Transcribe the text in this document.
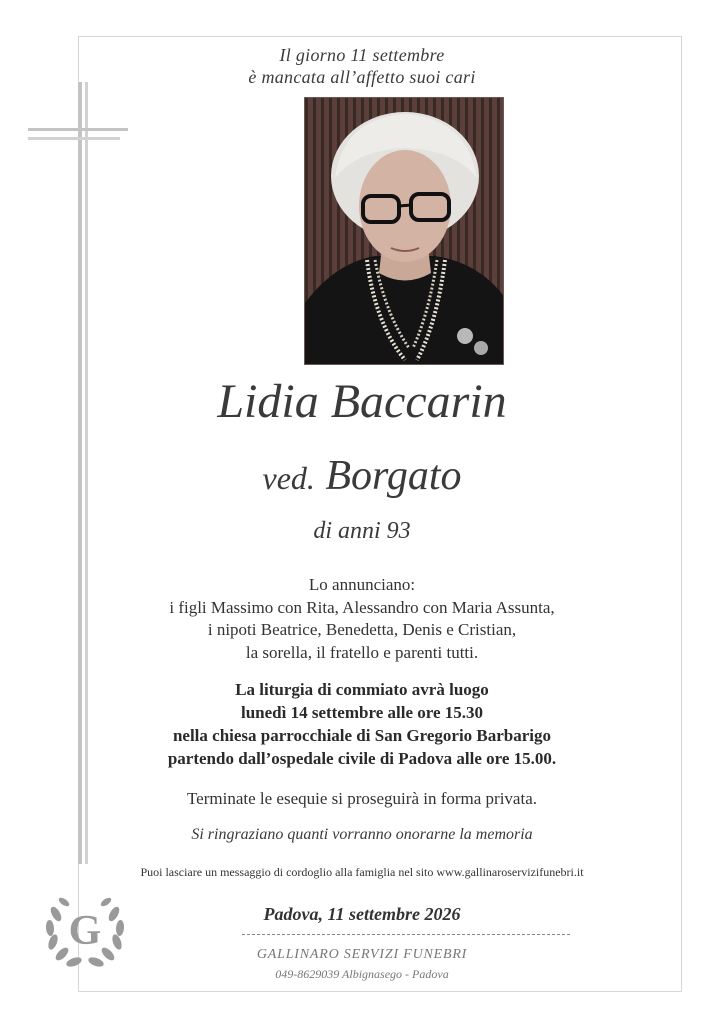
Il giorno 11 settembre
è mancata all’affetto suoi cari
Lidia Baccarin
ved. Borgato
di anni 93
Lo annunciano:
i figli Massimo con Rita, Alessandro con Maria Assunta,
i nipoti Beatrice, Benedetta, Denis e Cristian,
la sorella, il fratello e parenti tutti.
La liturgia di commiato avrà luogo
lunedì 14 settembre alle ore 15.30
nella chiesa parrocchiale di San Gregorio Barbarigo
partendo dall’ospedale civile di Padova alle ore 15.00.
Terminate le esequie si proseguirà in forma privata.
Si ringraziano quanti vorranno onorarne la memoria
Puoi lasciare un messaggio di cordoglio alla famiglia nel sito www.gallinaroservizifunebri.it
Padova, 11 settembre 2026
GALLINARO SERVIZI FUNEBRI
049-8629039 Albignasego - Padova
G
